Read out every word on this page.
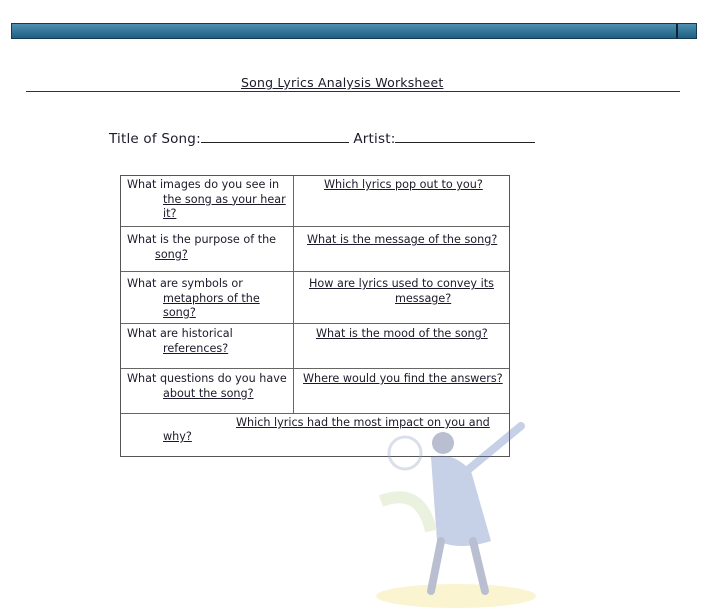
Song Lyrics Analysis Worksheet
Title of Song:	Artist:
What images do you see in
the song as your hear
it?
Which lyrics pop out to you?
What is the purpose of the
song?
What is the message of the song?
What are symbols or
metaphors of the
song?
How are lyrics used to convey its
message?
What are historical
references?
What is the mood of the song?
What questions do you have
about the song?
Where would you find the answers?
Which lyrics had the most impact on you and
why?
